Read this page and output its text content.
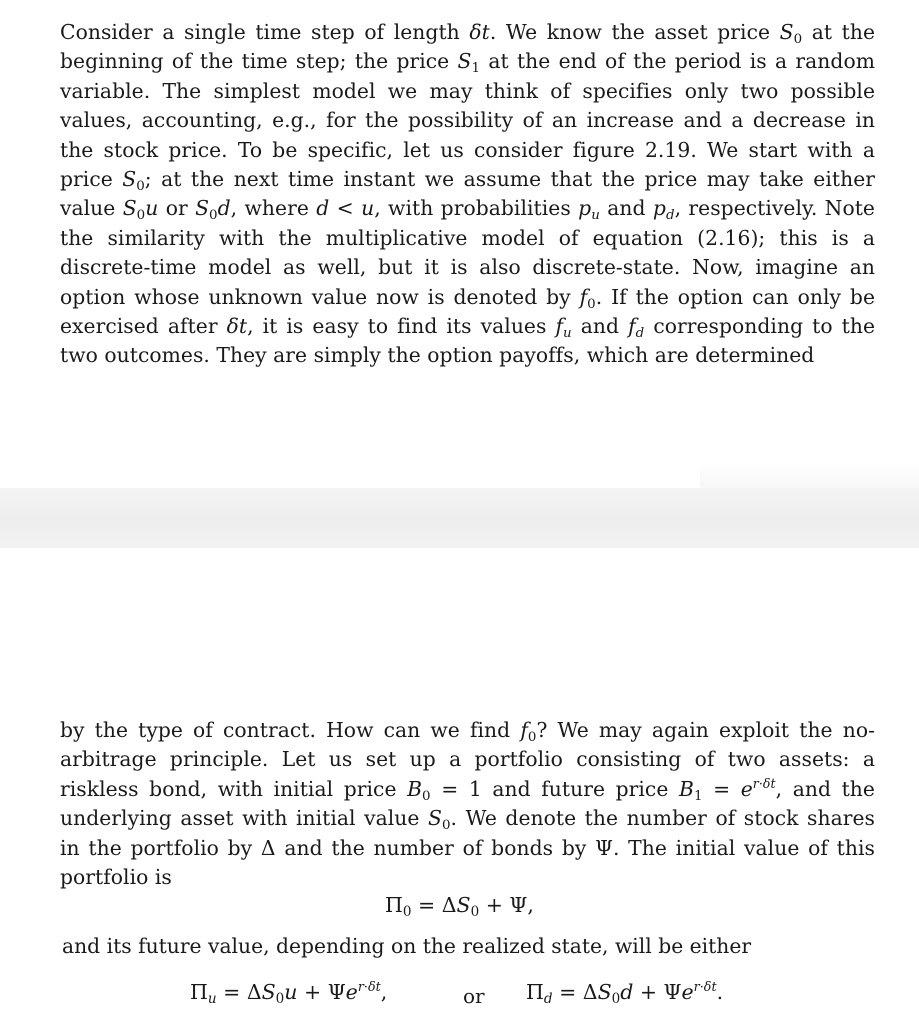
Consider a single time step of length δt. We know the asset price $S_0$ at the beginning of the time step; the price $S_1$ at the end of the period is a random variable. The simplest model we may think of specifies only two possible values, accounting, e.g., for the possibility of an increase and a decrease in the stock price. To be specific, let us consider figure 2.19. We start with a price $S_0$; at the next time instant we assume that the price may take either value $S_0u$ or $S_0d$, where d < u, with probabilities $p_u$ and $p_d$, respectively. Note the similarity with the multiplicative model of equation (2.16); this is a discrete-time model as well, but it is also discrete-state. Now, imagine an option whose unknown value now is denoted by $f_0$. If the option can only be exercised after δt, it is easy to find its values $f_u$ and $f_d$ corresponding to the two outcomes. They are simply the option payoffs, which are determined

by the type of contract. How can we find $f_0$? We may again exploit the no-arbitrage principle. Let us set up a portfolio consisting of two assets: a riskless bond, with initial price $B_0 = 1$ and future price $B_1 = e^{r\cdot\delta t}$, and the underlying asset with initial value $S_0$. We denote the number of stock shares in the portfolio by Δ and the number of bonds by Ψ. The initial value of this portfolio is

$\Pi_0 = \Delta S_0 + \Psi$,
and its future value, depending on the realized state, will be either
$\Pi_u = \Delta S_0u + \Psi e^{r\cdot\delta t}$,	or $\Pi_d = \Delta S_0d + \Psi e^{r\cdot\delta t}$.
